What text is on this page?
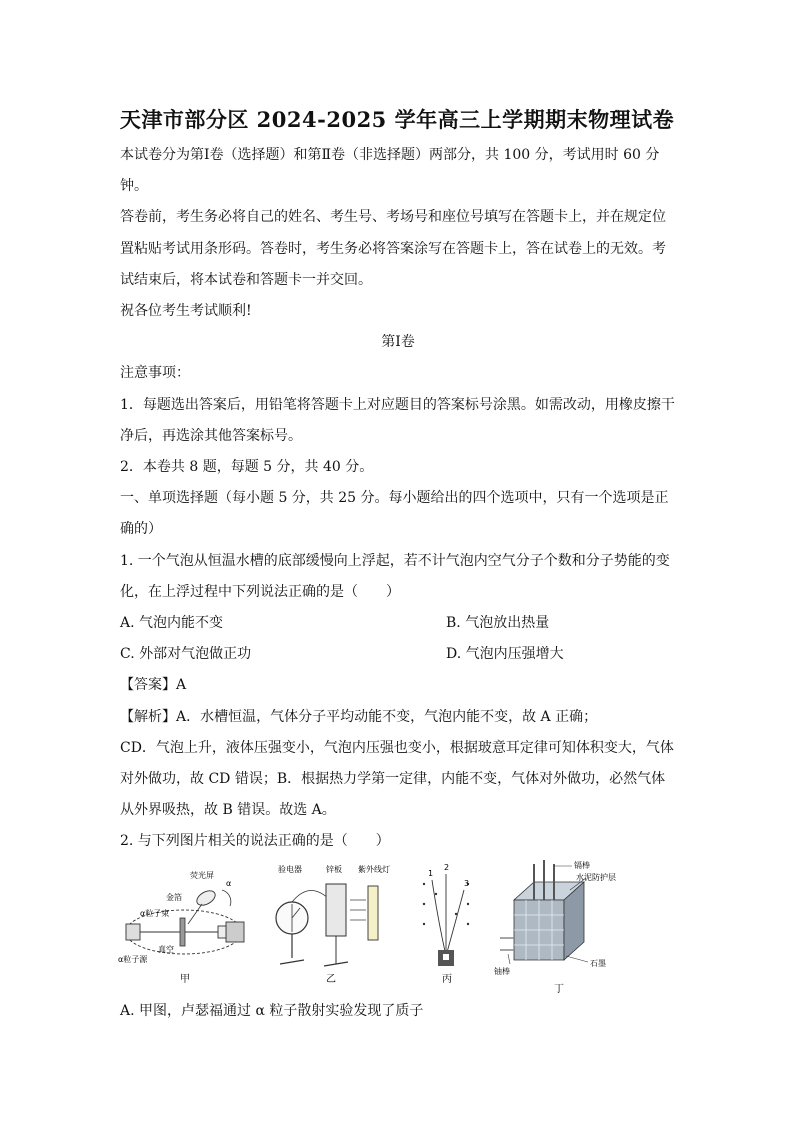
天津市部分区 2024-2025 学年高三上学期期末物理试卷

本试卷分为第Ⅰ卷（选择题）和第Ⅱ卷（非选择题）两部分，共 100 分，考试用时 60 分钟。

答卷前，考生务必将自己的姓名、考生号、考场号和座位号填写在答题卡上，并在规定位置粘贴考试用条形码。答卷时，考生务必将答案涂写在答题卡上，答在试卷上的无效。考试结束后，将本试卷和答题卡一并交回。

祝各位考生考试顺利!

第Ⅰ卷

注意事项：

1．每题选出答案后，用铅笔将答题卡上对应题目的答案标号涂黑。如需改动，用橡皮擦干净后，再选涂其他答案标号。

2．本卷共 8 题，每题 5 分，共 40 分。

一、单项选择题（每小题 5 分，共 25 分。每小题给出的四个选项中，只有一个选项是正确的）

1. 一个气泡从恒温水槽的底部缓慢向上浮起，若不计气泡内空气分子个数和分子势能的变化，在上浮过程中下列说法正确的是（　　）

A. 气泡内能不变	B. 气泡放出热量
C. 外部对气泡做正功	D. 气泡内压强增大

【答案】A

【解析】A．水槽恒温，气体分子平均动能不变，气泡内能不变，故 A 正确；

CD．气泡上升，液体压强变小，气泡内压强也变小，根据玻意耳定律可知体积变大，气体对外做功，故 CD 错误；B．根据热力学第一定律，内能不变，气体对外做功，必然气体从外界吸热，故 B 错误。故选 A。

2. 与下列图片相关的说法正确的是（　　）

荧光屏
金箔
α粒子束
真空
α粒子源
α
甲
验电器	锌板 紫外线灯
乙
1
2
3
丙
镉棒
水泥防护层
铀棒
石墨
丁

A. 甲图，卢瑟福通过 α 粒子散射实验发现了质子
